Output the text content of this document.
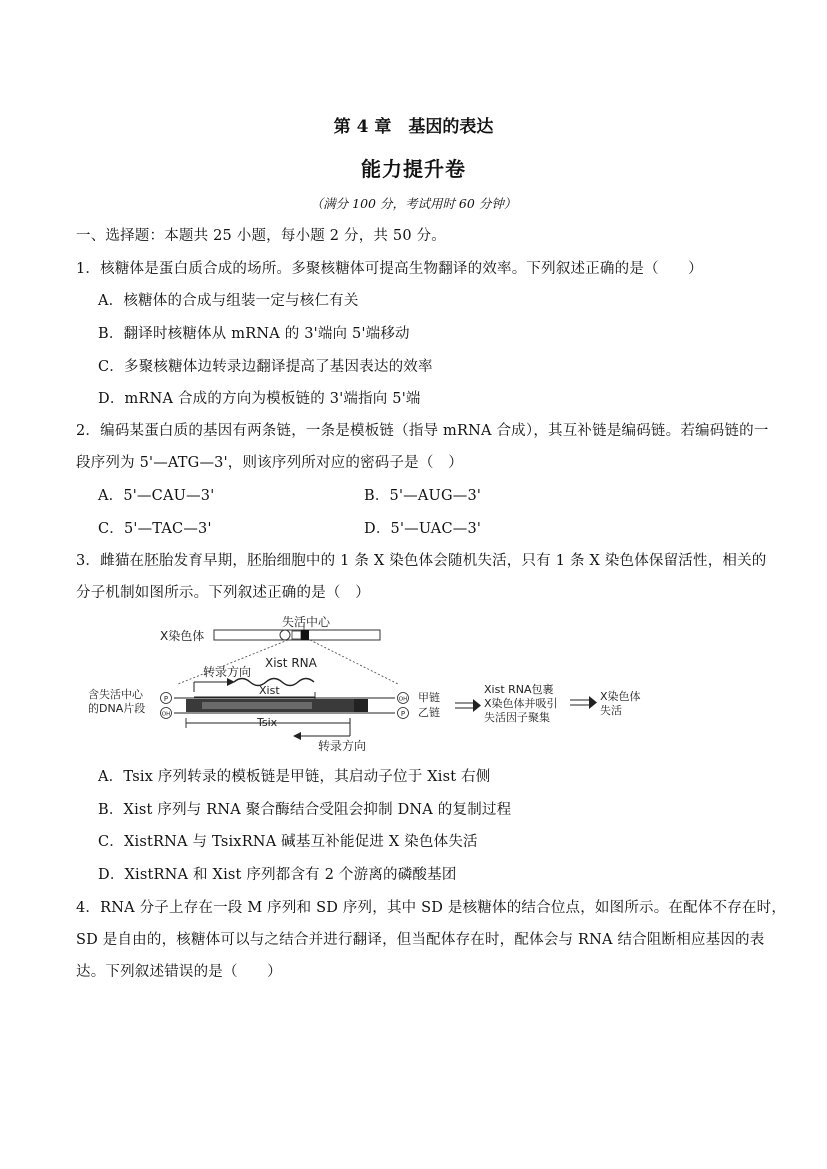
第 4 章　基因的表达
能力提升卷
（满分 100 分，考试用时 60 分钟）
一、选择题：本题共 25 小题，每小题 2 分，共 50 分。
1．核糖体是蛋白质合成的场所。多聚核糖体可提高生物翻译的效率。下列叙述正确的是（　　）
A．核糖体的合成与组装一定与核仁有关
B．翻译时核糖体从 mRNA 的 3'端向 5'端移动
C．多聚核糖体边转录边翻译提高了基因表达的效率
D．mRNA 合成的方向为模板链的 3'端指向 5'端
2．编码某蛋白质的基因有两条链，一条是模板链（指导 mRNA 合成），其互补链是编码链。若编码链的一
段序列为 5'—ATG—3'，则该序列所对应的密码子是（　）
A．5'—CAU—3'	B．5'—AUG—3'
C．5'—TAC—3'	D．5'—UAC—3'
3．雌猫在胚胎发育早期，胚胎细胞中的 1 条 X 染色体会随机失活，只有 1 条 X 染色体保留活性，相关的
分子机制如图所示。下列叙述正确的是（　）
X染色体
失活中心
Xist RNA
转录方向
Xist
含失活中心
的DNA片段
P
OH
OH
P
甲链
乙链
Tsix
转录方向
Xist RNA包裹
X染色体并吸引
失活因子聚集
X染色体
失活
A．Tsix 序列转录的模板链是甲链，其启动子位于 Xist 右侧
B．Xist 序列与 RNA 聚合酶结合受阻会抑制 DNA 的复制过程
C．XistRNA 与 TsixRNA 碱基互补能促进 X 染色体失活
D．XistRNA 和 Xist 序列都含有 2 个游离的磷酸基团
4．RNA 分子上存在一段 M 序列和 SD 序列，其中 SD 是核糖体的结合位点，如图所示。在配体不存在时，
SD 是自由的，核糖体可以与之结合并进行翻译，但当配体存在时，配体会与 RNA 结合阻断相应基因的表
达。下列叙述错误的是（　　）
